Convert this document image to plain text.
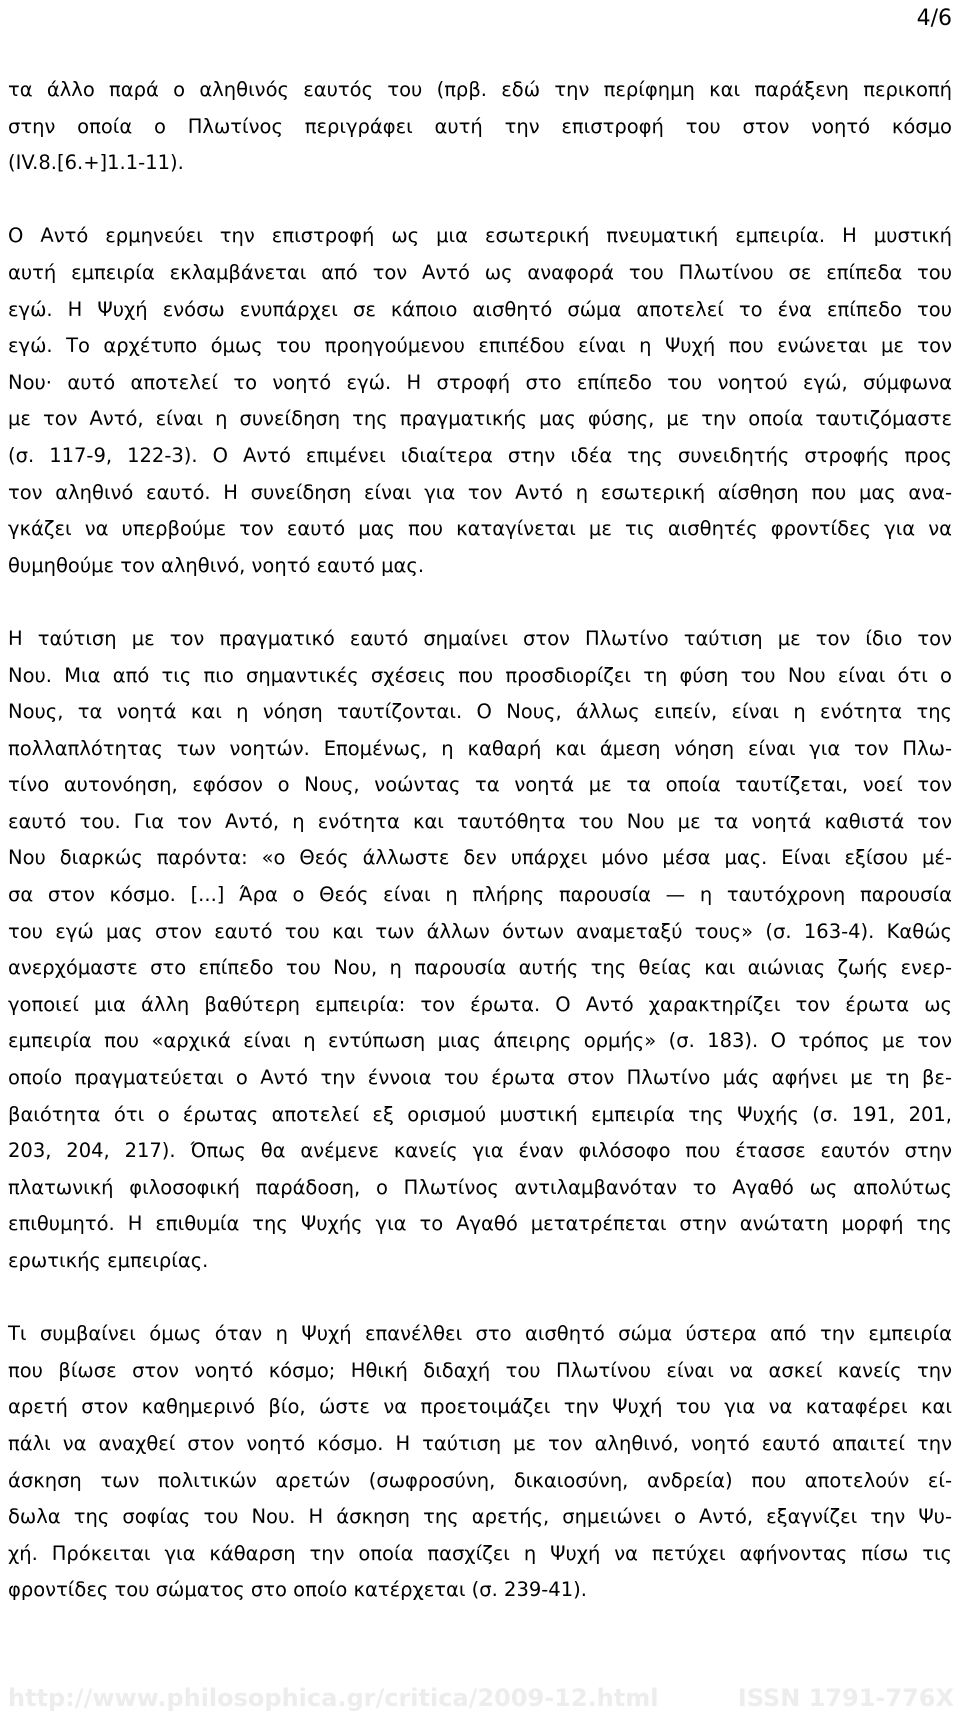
4/6
τα άλλο παρά ο αληθινός εαυτός του (πρβ. εδώ την περίφημη και παράξενη περικοπή
στην οποία ο Πλωτίνος περιγράφει αυτή την επιστροφή του στον νοητό κόσμο
(IV.8.[6.+]1.1-11).
Ο Αντό ερμηνεύει την επιστροφή ως μια εσωτερική πνευματική εμπειρία. Η μυστική
αυτή εμπειρία εκλαμβάνεται από τον Αντό ως αναφορά του Πλωτίνου σε επίπεδα του
εγώ. Η Ψυχή ενόσω ενυπάρχει σε κάποιο αισθητό σώμα αποτελεί το ένα επίπεδο του
εγώ. Το αρχέτυπο όμως του προηγούμενου επιπέδου είναι η Ψυχή που ενώνεται με τον
Νου· αυτό αποτελεί το νοητό εγώ. Η στροφή στο επίπεδο του νοητού εγώ, σύμφωνα
με τον Αντό, είναι η συνείδηση της πραγματικής μας φύσης, με την οποία ταυτιζόμαστε
(σ. 117-9, 122-3). Ο Αντό επιμένει ιδιαίτερα στην ιδέα της συνειδητής στροφής προς
τον αληθινό εαυτό. Η συνείδηση είναι για τον Αντό η εσωτερική αίσθηση που μας ανα-
γκάζει να υπερβούμε τον εαυτό μας που καταγίνεται με τις αισθητές φροντίδες για να
θυμηθούμε τον αληθινό, νοητό εαυτό μας.
Η ταύτιση με τον πραγματικό εαυτό σημαίνει στον Πλωτίνο ταύτιση με τον ίδιο τον
Νου. Μια από τις πιο σημαντικές σχέσεις που προσδιορίζει τη φύση του Νου είναι ότι ο
Νους, τα νοητά και η νόηση ταυτίζονται. Ο Νους, άλλως ειπείν, είναι η ενότητα της
πολλαπλότητας των νοητών. Επομένως, η καθαρή και άμεση νόηση είναι για τον Πλω-
τίνο αυτονόηση, εφόσον ο Νους, νοώντας τα νοητά με τα οποία ταυτίζεται, νοεί τον
εαυτό του. Για τον Αντό, η ενότητα και ταυτόθητα του Νου με τα νοητά καθιστά τον
Νου διαρκώς παρόντα: «ο Θεός άλλωστε δεν υπάρχει μόνο μέσα μας. Είναι εξίσου μέ-
σα στον κόσμο. [...] Άρα ο Θεός είναι η πλήρης παρουσία — η ταυτόχρονη παρουσία
του εγώ μας στον εαυτό του και των άλλων όντων αναμεταξύ τους» (σ. 163-4). Καθώς
ανερχόμαστε στο επίπεδο του Νου, η παρουσία αυτής της θείας και αιώνιας ζωής ενερ-
γοποιεί μια άλλη βαθύτερη εμπειρία: τον έρωτα. Ο Αντό χαρακτηρίζει τον έρωτα ως
εμπειρία που «αρχικά είναι η εντύπωση μιας άπειρης ορμής» (σ. 183). Ο τρόπος με τον
οποίο πραγματεύεται ο Αντό την έννοια του έρωτα στον Πλωτίνο μάς αφήνει με τη βε-
βαιότητα ότι ο έρωτας αποτελεί εξ ορισμού μυστική εμπειρία της Ψυχής (σ. 191, 201,
203, 204, 217). Όπως θα ανέμενε κανείς για έναν φιλόσοφο που έτασσε εαυτόν στην
πλατωνική φιλοσοφική παράδοση, ο Πλωτίνος αντιλαμβανόταν το Αγαθό ως απολύτως
επιθυμητό. Η επιθυμία της Ψυχής για το Αγαθό μετατρέπεται στην ανώτατη μορφή της
ερωτικής εμπειρίας.
Τι συμβαίνει όμως όταν η Ψυχή επανέλθει στο αισθητό σώμα ύστερα από την εμπειρία
που βίωσε στον νοητό κόσμο; Ηθική διδαχή του Πλωτίνου είναι να ασκεί κανείς την
αρετή στον καθημερινό βίο, ώστε να προετοιμάζει την Ψυχή του για να καταφέρει και
πάλι να αναχθεί στον νοητό κόσμο. Η ταύτιση με τον αληθινό, νοητό εαυτό απαιτεί την
άσκηση των πολιτικών αρετών (σωφροσύνη, δικαιοσύνη, ανδρεία) που αποτελούν εί-
δωλα της σοφίας του Νου. Η άσκηση της αρετής, σημειώνει ο Αντό, εξαγνίζει την Ψυ-
χή. Πρόκειται για κάθαρση την οποία πασχίζει η Ψυχή να πετύχει αφήνοντας πίσω τις
φροντίδες του σώματος στο οποίο κατέρχεται (σ. 239-41).
http://www.philosophica.gr/critica/2009-12.html	ISSN 1791-776X
